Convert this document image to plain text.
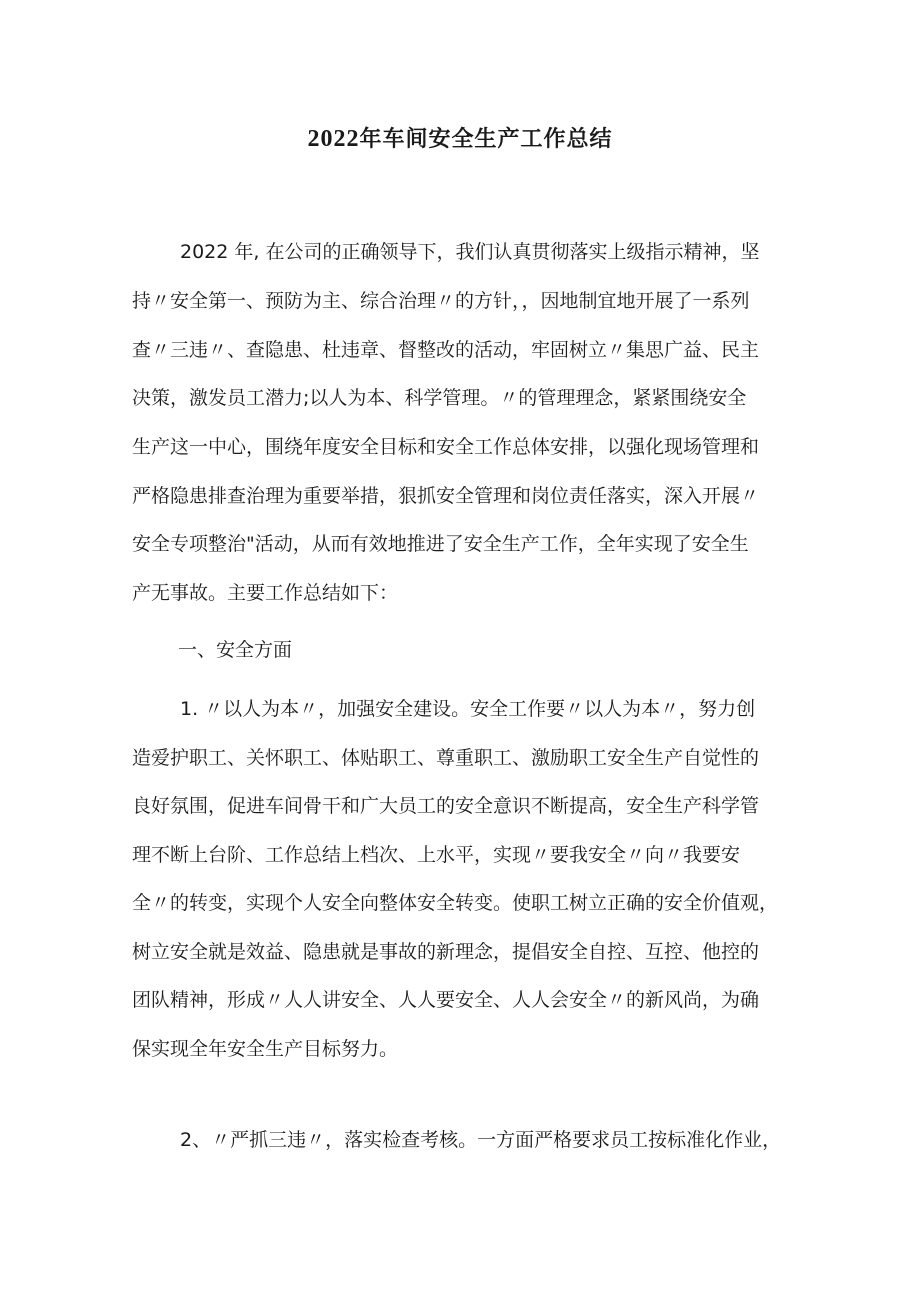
2022年车间安全生产工作总结
2022 年, 在公司的正确领导下，我们认真贯彻落实上级指示精神，坚
持〃安全第一、预防为主、综合治理〃的方针，，因地制宜地开展了一系列
查〃三违〃、查隐患、杜违章、督整改的活动，牢固树立〃集思广益、民主
决策，激发员工潜力;以人为本、科学管理。〃的管理理念，紧紧围绕安全
生产这一中心，围绕年度安全目标和安全工作总体安排，以强化现场管理和
严格隐患排查治理为重要举措，狠抓安全管理和岗位责任落实，深入开展〃
安全专项整治"活动，从而有效地推进了安全生产工作，全年实现了安全生
产无事故。主要工作总结如下：
一、安全方面
1. 〃以人为本〃，加强安全建设。安全工作要〃以人为本〃，努力创
造爱护职工、关怀职工、体贴职工、尊重职工、激励职工安全生产自觉性的
良好氛围，促进车间骨干和广大员工的安全意识不断提高，安全生产科学管
理不断上台阶、工作总结上档次、上水平，实现〃要我安全〃向〃我要安
全〃的转变，实现个人安全向整体安全转变。使职工树立正确的安全价值观，
树立安全就是效益、隐患就是事故的新理念，提倡安全自控、互控、他控的
团队精神，形成〃人人讲安全、人人要安全、人人会安全〃的新风尚，为确
保实现全年安全生产目标努力。
2、〃严抓三违〃，落实检查考核。一方面严格要求员工按标准化作业，
